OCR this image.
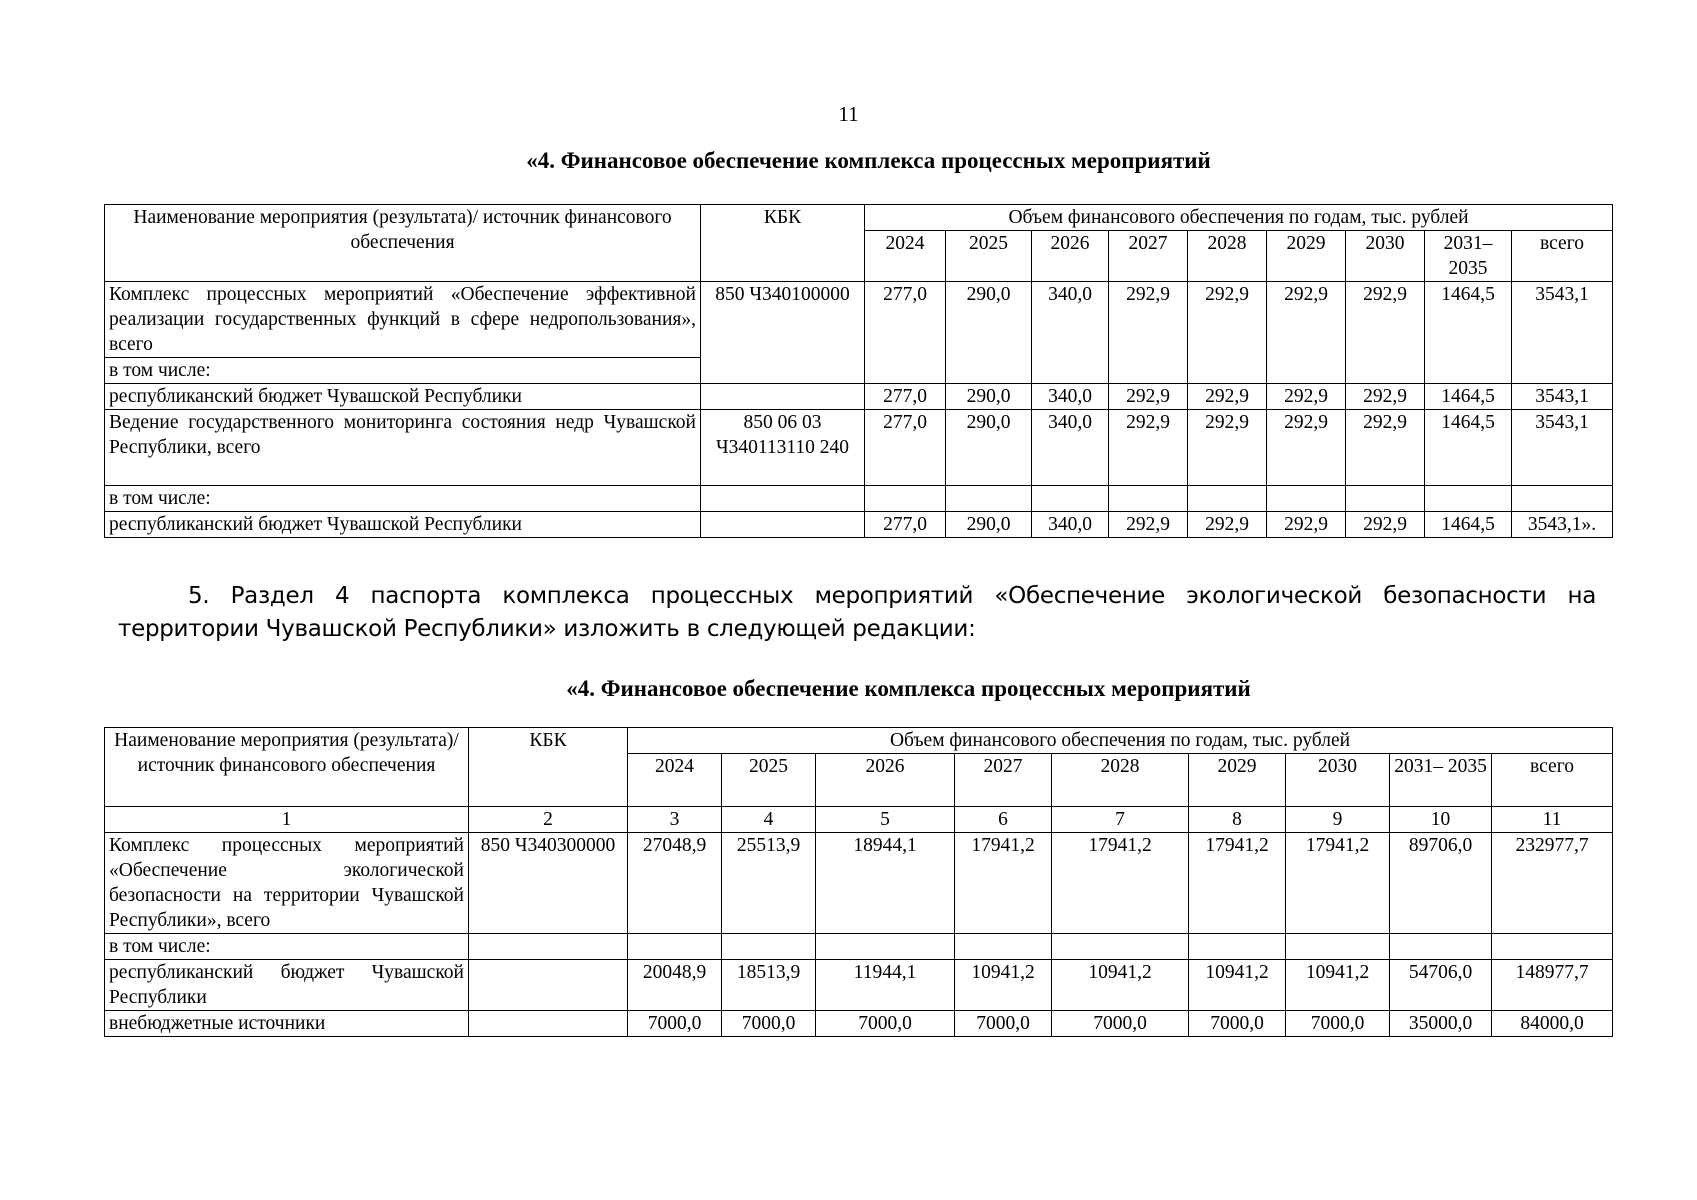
11
«4. Финансовое обеспечение комплекса процессных мероприятий
Наименование мероприятия (результата)/ источник финансового обеспечения	КБК	Объем финансового обеспечения по годам, тыс. рублей								
		2024	2025	2026	2027	2028	2029	2030	2031– 2035	всего
Комплекс процессных мероприятий «Обеспечение эффективной реализации государственных функций в сфере недропользования», всего	850 Ч340100000	277,0	290,0	340,0	292,9	292,9	292,9	292,9	1464,5	3543,1
в том числе:										
республиканский бюджет Чувашской Республики		277,0	290,0	340,0	292,9	292,9	292,9	292,9	1464,5	3543,1
Ведение государственного мониторинга состояния недр Чувашской Республики, всего	850 06 03 Ч340113110 240	277,0	290,0	340,0	292,9	292,9	292,9	292,9	1464,5	3543,1
в том числе:										
республиканский бюджет Чувашской Республики		277,0	290,0	340,0	292,9	292,9	292,9	292,9	1464,5	3543,1».
5. Раздел 4 паспорта комплекса процессных мероприятий «Обеспечение экологической безопасности на территории Чувашской Республики» изложить в следующей редакции:
«4. Финансовое обеспечение комплекса процессных мероприятий
Наименование мероприятия (результата)/источник финансового обеспечения	КБК	Объем финансового обеспечения по годам, тыс. рублей								
		2024	2025	2026	2027	2028	2029	2030	2031– 2035	всего
1	2	3	4	5	6	7	8	9	10	11
Комплекс процессных мероприятий «Обеспечение экологической безопасности на территории Чувашской Республики», всего	850 Ч340300000	27048,9	25513,9	18944,1	17941,2	17941,2	17941,2	17941,2	89706,0	232977,7
в том числе:										
республиканский бюджет Чувашской Республики		20048,9	18513,9	11944,1	10941,2	10941,2	10941,2	10941,2	54706,0	148977,7
внебюджетные источники		7000,0	7000,0	7000,0	7000,0	7000,0	7000,0	7000,0	35000,0	84000,0
